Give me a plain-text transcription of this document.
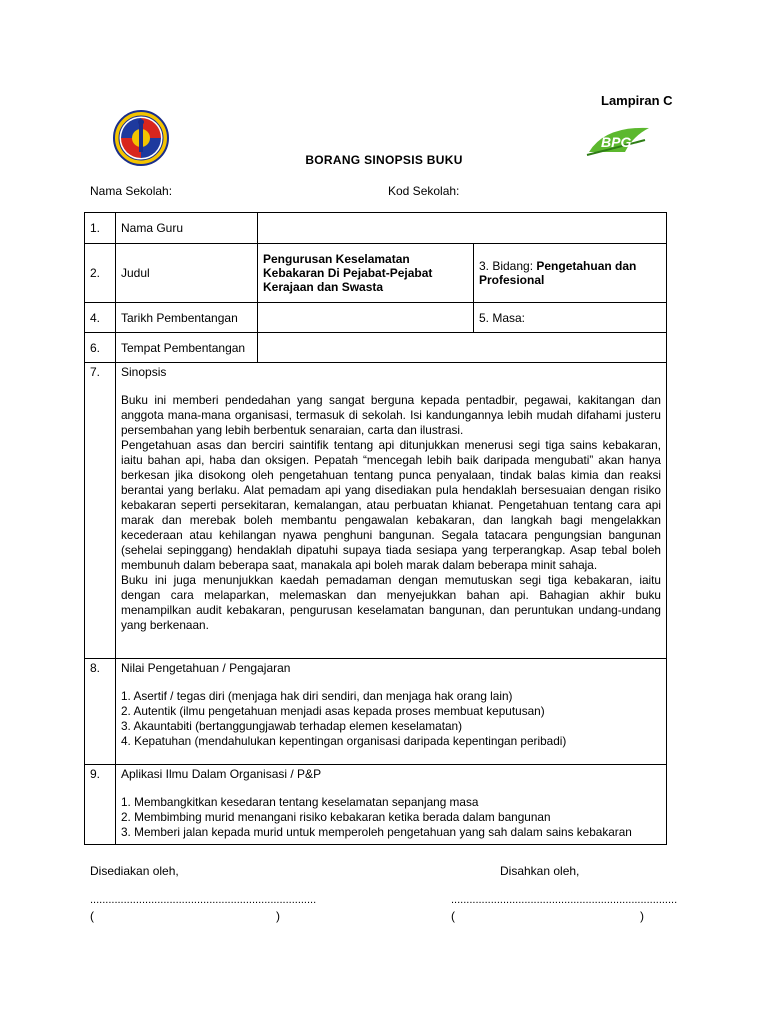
Lampiran C
BPG
BORANG SINOPSIS BUKU
Nama Sekolah:	Kod Sekolah:
1.	Nama Guru		
2.	Judul	Pengurusan Keselamatan Kebakaran Di Pejabat-Pejabat Kerajaan dan Swasta	3. Bidang: Pengetahuan dan Profesional
4.	Tarikh Pembentangan		5. Masa:
6.	Tempat Pembentangan		
7.	Sinopsis

Buku ini memberi pendedahan yang sangat berguna kepada pentadbir, pegawai, kakitangan dan anggota mana-mana organisasi, termasuk di sekolah. Isi kandungannya lebih mudah difahami justeru persembahan yang lebih berbentuk senaraian, carta dan ilustrasi.

Pengetahuan asas dan berciri saintifik tentang api ditunjukkan menerusi segi tiga sains kebakaran, iaitu bahan api, haba dan oksigen. Pepatah “mencegah lebih baik daripada mengubati” akan hanya berkesan jika disokong oleh pengetahuan tentang punca penyalaan, tindak balas kimia dan reaksi berantai yang berlaku. Alat pemadam api yang disediakan pula hendaklah bersesuaian dengan risiko kebakaran seperti persekitaran, kemalangan, atau perbuatan khianat. Pengetahuan tentang cara api marak dan merebak boleh membantu pengawalan kebakaran, dan langkah bagi mengelakkan kecederaan atau kehilangan nyawa penghuni bangunan. Segala tatacara pengungsian bangunan (sehelai sepinggang) hendaklah dipatuhi supaya tiada sesiapa yang terperangkap. Asap tebal boleh membunuh dalam beberapa saat, manakala api boleh marak dalam beberapa minit sahaja.

Buku ini juga menunjukkan kaedah pemadaman dengan memutuskan segi tiga kebakaran, iaitu dengan cara melaparkan, melemaskan dan menyejukkan bahan api. Bahagian akhir buku menampilkan audit kebakaran, pengurusan keselamatan bangunan, dan peruntukan undang-undang yang berkenaan.		

8.	Nilai Pengetahuan / Pengajaran
1. Asertif / tegas diri (menjaga hak diri sendiri, dan menjaga hak orang lain)
2. Autentik (ilmu pengetahuan menjadi asas kepada proses membuat keputusan)
3. Akauntabiti (bertanggungjawab terhadap elemen keselamatan)
4. Kepatuhan (mendahulukan kepentingan organisasi daripada kepentingan peribadi)		

9.	Aplikasi Ilmu Dalam Organisasi / P&P
1. Membangkitkan kesedaran tentang keselamatan sepanjang masa
2. Membimbing murid menangani risiko kebakaran ketika berada dalam bangunan
3. Memberi jalan kepada murid untuk memperoleh pengetahuan yang sah dalam sains kebakaran		
Disediakan oleh,	Disahkan oleh,
..........................................................................	..........................................................................
(	)	(	)
